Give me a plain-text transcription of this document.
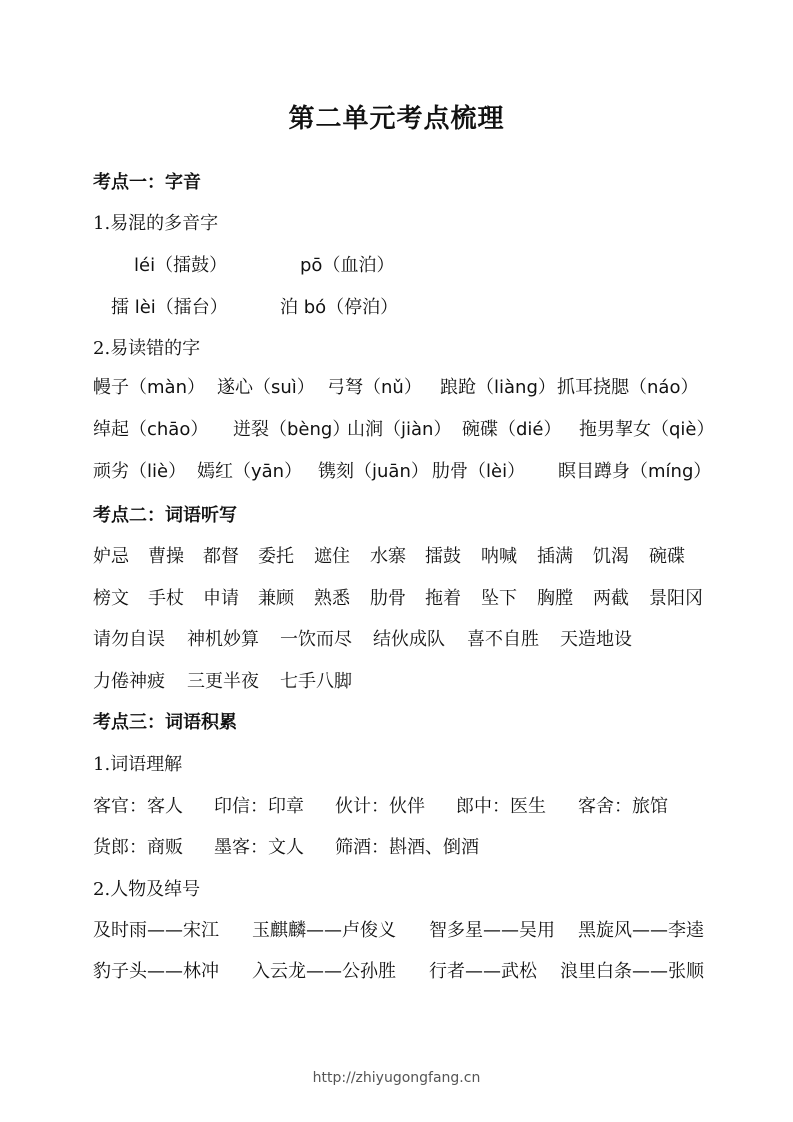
第二单元考点梳理
考点一：字音
1.易混的多音字
léi（擂鼓）	pō（血泊）
擂 lèi（擂台）	泊 bó（停泊）
2.易读错的字
幔子（màn） 遂心（suì） 弓弩（nǔ） 踉跄（liàng）抓耳挠腮（náo）
绰起（chāo） 迸裂（bèng）山涧（jiàn） 碗碟（dié） 拖男挈女（qiè）
顽劣（liè） 嫣红（yān） 镌刻（juān） 肋骨（lèi） 瞑目蹲身（míng）
考点二：词语听写
妒忌 曹操 都督 委托 遮住 水寨 擂鼓 呐喊 插满 饥渴 碗碟
榜文 手杖 申请 兼顾 熟悉 肋骨 拖着 坠下 胸膛 两截 景阳冈
请勿自误 神机妙算 一饮而尽 结伙成队 喜不自胜 天造地设
力倦神疲 三更半夜 七手八脚
考点三：词语积累
1.词语理解
客官：客人 印信：印章 伙计：伙伴 郎中：医生 客舍：旅馆
货郎：商贩 墨客：文人 筛酒：斟酒、倒酒
2.人物及绰号
及时雨——宋江 玉麒麟——卢俊义 智多星——吴用 黑旋风——李逵
豹子头——林冲 入云龙——公孙胜 行者——武松 浪里白条——张顺
http://zhiyugongfang.cn
